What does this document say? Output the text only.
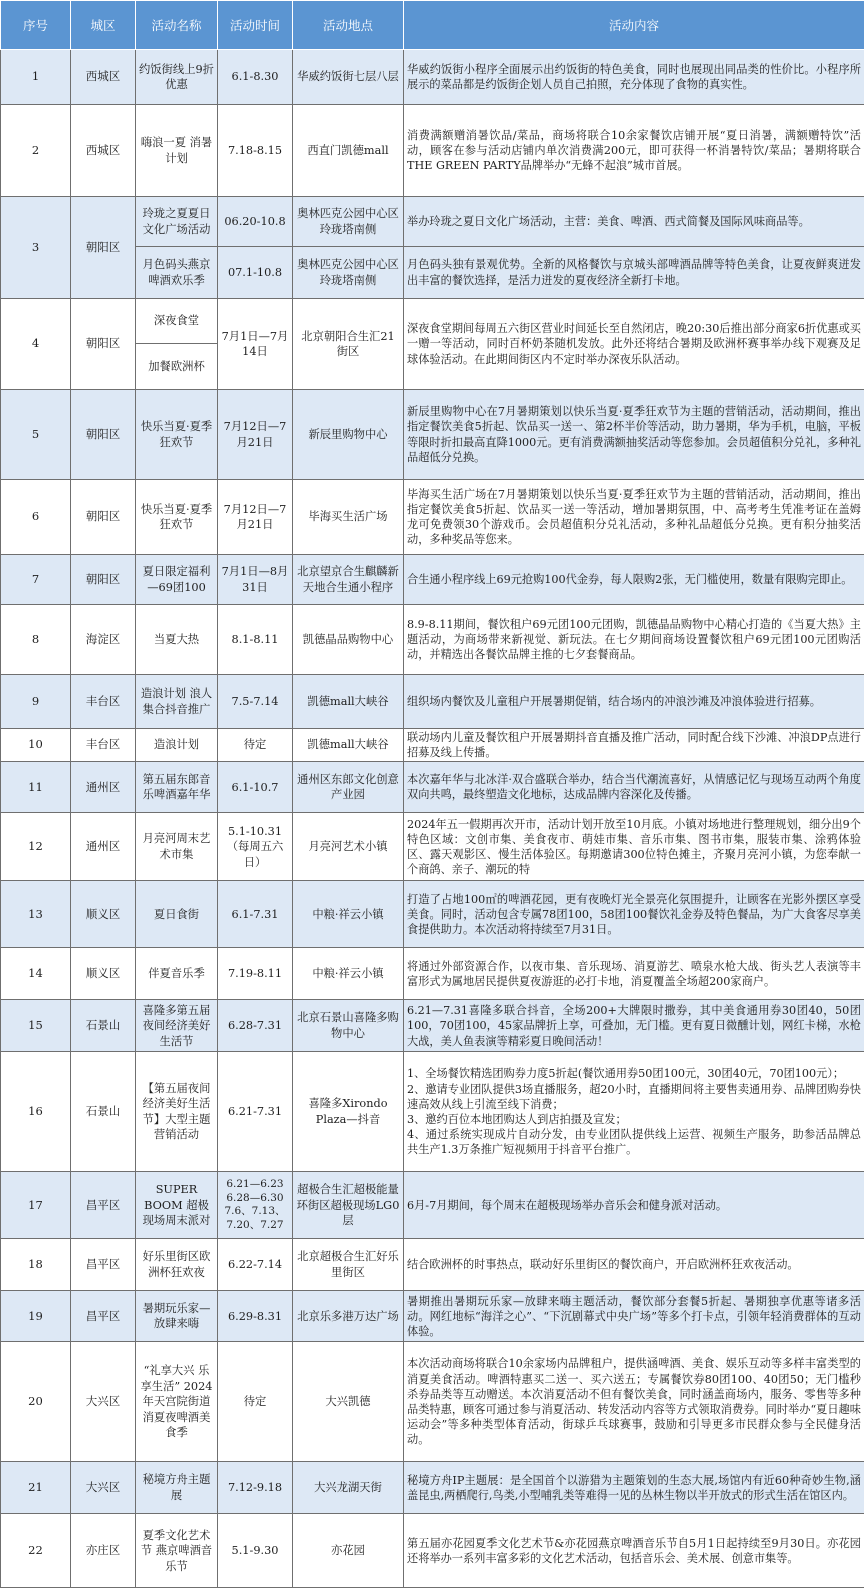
序号	城区	活动名称	活动时间	活动地点	活动内容
1	西城区	约饭街线上9折优惠	6.1-8.30	华威约饭街七层八层	华威约饭街小程序全面展示出约饭街的特色美食，同时也展现出同品类的性价比。小程序所展示的菜品都是约饭街企划人员自己拍照，充分体现了食物的真实性。
2	西城区	嗨浪一夏 消暑计划	7.18-8.15	西直门凯德mall	消费满额赠消暑饮品/菜品，商场将联合10余家餐饮店铺开展“夏日消暑，满额赠特饮”活动，顾客在参与活动店铺内单次消费满200元，即可获得一杯消暑特饮/菜品；暑期将联合THE GREEN PARTY品牌举办“无蜂不起浪”城市首展。
3	朝阳区	玲珑之夏夏日文化广场活动	06.20-10.8	奥林匹克公园中心区玲珑塔南侧	举办玲珑之夏日文化广场活动，主营：美食、啤酒、西式简餐及国际风味商品等。
		月色码头燕京啤酒欢乐季	07.1-10.8	奥林匹克公园中心区玲珑塔南侧	月色码头独有景观优势。全新的风格餐饮与京城头部啤酒品牌等特色美食，让夏夜鲜爽迸发出丰富的餐饮选择，是活力迸发的夏夜经济全新打卡地。
4	朝阳区	深夜食堂	7月1日—7月14日	北京朝阳合生汇21街区	深夜食堂期间每周五六街区营业时间延长至自然闭店，晚20:30后推出部分商家6折优惠或买一赠一等活动，同时百杯奶茶随机发放。此外还将结合暑期及欧洲杯赛事举办线下观赛及足球体验活动。在此期间街区内不定时举办深夜乐队活动。
		加餐欧洲杯			
5	朝阳区	快乐当夏·夏季狂欢节	7月12日—7月21日	新辰里购物中心	新辰里购物中心在7月暑期策划以快乐当夏·夏季狂欢节为主题的营销活动，活动期间，推出指定餐饮美食5折起、饮品买一送一、第2杯半价等活动，助力暑期，华为手机，电脑，平板等限时折扣最高直降1000元。更有消费满额抽奖活动等您参加。会员超值积分兑礼，多种礼品超低分兑换。
6	朝阳区	快乐当夏·夏季狂欢节	7月12日—7月21日	毕海买生活广场	毕海买生活广场在7月暑期策划以快乐当夏·夏季狂欢节为主题的营销活动，活动期间，推出指定餐饮美食5折起、饮品买一送一等活动，增加暑期氛围，中、高考考生凭准考证在盖姆龙可免费领30个游戏币。会员超值积分兑礼活动，多种礼品超低分兑换。更有积分抽奖活动，多种奖品等您来。
7	朝阳区	夏日限定福利—69团100	7月1日—8月31日	北京望京合生麒麟新天地合生通小程序	合生通小程序线上69元抢购100代金券，每人限购2张，无门槛使用，数量有限购完即止。
8	海淀区	当夏大热	8.1-8.11	凯德晶品购物中心	8.9-8.11期间，餐饮租户69元团100元团购，凯德晶品购物中心精心打造的《当夏大热》主题活动，为商场带来新视觉、新玩法。在七夕期间商场设置餐饮租户69元团100元团购活动，并精选出各餐饮品牌主推的七夕套餐商品。
9	丰台区	造浪计划 浪人集合抖音推广	7.5-7.14	凯德mall大峡谷	组织场内餐饮及儿童租户开展暑期促销，结合场内的冲浪沙滩及冲浪体验进行招募。
10	丰台区	造浪计划	待定	凯德mall大峡谷	联动场内儿童及餐饮租户开展暑期抖音直播及推广活动，同时配合线下沙滩、冲浪DP点进行招募及线上传播。
11	通州区	第五届东郎音乐啤酒嘉年华	6.1-10.7	通州区东郎文化创意产业园	本次嘉年华与北冰洋·双合盛联合举办，结合当代潮流喜好，从情感记忆与现场互动两个角度双向共鸣，最终塑造文化地标，达成品牌内容深化及传播。
12	通州区	月亮河周末艺术市集	5.1-10.31（每周五六日）	月亮河艺术小镇	2024年五一假期再次开市，活动计划开放至10月底。小镇对场地进行整理规划，细分出9个特色区域：文创市集、美食夜市、萌娃市集、音乐市集、图书市集，服装市集、涂鸦体验区、露天观影区、慢生活体验区。每期邀请300位特色摊主，齐聚月亮河小镇，为您奉献一个商鸽、亲子、潮玩的特
13	顺义区	夏日食街	6.1-7.31	中粮·祥云小镇	打造了占地100㎡的啤酒花园，更有夜晚灯光全景亮化氛围提升，让顾客在光影外摆区享受美食。同时，活动包含专属78团100，58团100餐饮礼金券及特色餐品，为广大食客尽享美食提供助力。本次活动将持续至7月31日。
14	顺义区	伴夏音乐季	7.19-8.11	中粮·祥云小镇	将通过外部资源合作，以夜市集、音乐现场、消夏游艺、喷泉水枪大战、街头艺人表演等丰富形式为属地居民提供夏夜游逛的必打卡地，消夏覆盖全场超200家商户。
15	石景山	喜隆多第五届夜间经济美好生活节	6.28-7.31	北京石景山喜隆多购物中心	6.21—7.31喜隆多联合抖音，全场200+大牌限时撒券，其中美食通用券30团40，50团100，70团100，45家品牌折上享，可叠加，无门槛。更有夏日微醺计划，网红卡梯，水枪大战，美人鱼表演等精彩夏日晚间活动！
16	石景山	【第五届夜间经济美好生活节】大型主题营销活动	6.21-7.31	喜隆多Xirondo Plaza—抖音	1、全场餐饮精选团购券力度5折起(餐饮通用券50团100元，30团40元，70团100元）；
2、邀请专业团队提供3场直播服务，超20小时，直播期间将主要售卖通用券、品牌团购券快速高效从线上引流至线下消费；
3、邀约百位本地团购达人到店拍摄及宣发；
4、通过系统实现成片自动分发，由专业团队提供线上运营、视频生产服务，助参活品牌总共生产1.3万条推广短视频用于抖音平台推广。
17	昌平区	SUPER BOOM 超极现场周末派对	6.21—6.23
6.28—6.30
7.6、7.13、7.20、7.27	超极合生汇超极能量环街区超极现场LG0层	6月-7月期间，每个周末在超极现场举办音乐会和健身派对活动。
18	昌平区	好乐里街区欧洲杯狂欢夜	6.22-7.14	北京超极合生汇好乐里街区	结合欧洲杯的时事热点，联动好乐里街区的餐饮商户，开启欧洲杯狂欢夜活动。
19	昌平区	暑期玩乐家—放肆来嗨	6.29-8.31	北京乐多港万达广场	暑期推出暑期玩乐家—放肆来嗨主题活动，餐饮部分套餐5折起、暑期独享优惠等诸多活动。网红地标“海洋之心”、“下沉剧幕式中央广场”等多个打卡点，引领年轻消费群体的互动体验。
20	大兴区	“礼享大兴 乐享生活” 2024年天宫院街道消夏夜啤酒美食季	待定	大兴凯德	本次活动商场将联合10余家场内品牌租户，提供涵啤酒、美食、娱乐互动等多样丰富类型的消夏美食活动。啤酒特惠买二送一、买六送五；专属餐饮券80团100、40团50；无门槛秒杀券品类等互动赠送。本次消夏活动不但有餐饮美食，同时涵盖商场内，服务、零售等多种品类特惠，顾客可通过参与消夏活动、转发活动内容等方式领取消费券。同时举办“夏日趣味运动会”等多种类型体育活动，街球乒乓球赛事，鼓励和引导更多市民群众参与全民健身活动。
21	大兴区	秘境方舟主题展	7.12-9.18	大兴龙湖天街	秘境方舟IP主题展：是全国首个以游猎为主题策划的生态大展,场馆内有近60种奇妙生物,涵盖昆虫,两栖爬行,鸟类,小型哺乳类等难得一见的丛林生物以半开放式的形式生活在馆区内。
22	亦庄区	夏季文化艺术节 燕京啤酒音乐节	5.1-9.30	亦花园	第五届亦花园夏季文化艺术节&亦花园燕京啤酒音乐节自5月1日起持续至9月30日。亦花园还将举办一系列丰富多彩的文化艺术活动，包括音乐会、美术展、创意市集等。
